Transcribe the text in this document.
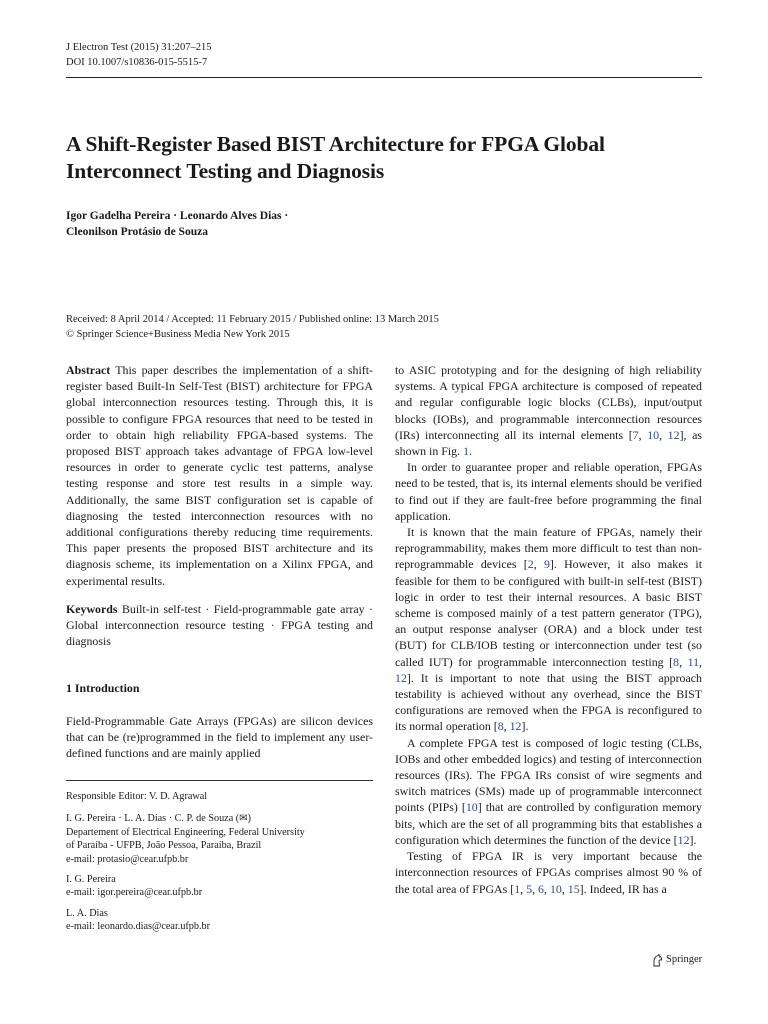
J Electron Test (2015) 31:207–215
DOI 10.1007/s10836-015-5515-7
A Shift-Register Based BIST Architecture for FPGA Global
Interconnect Testing and Diagnosis
Igor Gadelha Pereira · Leonardo Alves Dias ·
Cleonilson Protásio de Souza
Received: 8 April 2014 / Accepted: 11 February 2015 / Published online: 13 March 2015
© Springer Science+Business Media New York 2015

Abstract This paper describes the implementation of a shift-register based Built-In Self-Test (BIST) architecture for FPGA global interconnection resources testing. Through this, it is possible to configure FPGA resources that need to be tested in order to obtain high reliability FPGA-based systems. The proposed BIST approach takes advantage of FPGA low-level resources in order to generate cyclic test patterns, analyse testing response and store test results in a simple way. Additionally, the same BIST configuration set is capable of diagnosing the tested interconnection resources with no additional configurations thereby reducing time requirements. This paper presents the proposed BIST architecture and its diagnosis scheme, its implementation on a Xilinx FPGA, and experimental results.

Keywords Built-in self-test · Field-programmable gate array · Global interconnection resource testing · FPGA testing and diagnosis

1 Introduction

Field-Programmable Gate Arrays (FPGAs) are silicon devices that can be (re)programmed in the field to implement any user-defined functions and are mainly applied

Responsible Editor: V. D. Agrawal
I. G. Pereira · L. A. Dias · C. P. de Souza (✉)
Departement of Electrical Engineering, Federal University
of Paraíba - UFPB, João Pessoa, Paraíba, Brazil
e-mail: protasio@cear.ufpb.br
I. G. Pereira
e-mail: igor.pereira@cear.ufpb.br
L. A. Dias
e-mail: leonardo.dias@cear.ufpb.br

to ASIC prototyping and for the designing of high reliability systems. A typical FPGA architecture is composed of repeated and regular configurable logic blocks (CLBs), input/output blocks (IOBs), and programmable interconnection resources (IRs) interconnecting all its internal elements [7, 10, 12], as shown in Fig. 1.

In order to guarantee proper and reliable operation, FPGAs need to be tested, that is, its internal elements should be verified to find out if they are fault-free before programming the final application.

It is known that the main feature of FPGAs, namely their reprogrammability, makes them more difficult to test than non-reprogrammable devices [2, 9]. However, it also makes it feasible for them to be configured with built-in self-test (BIST) logic in order to test their internal resources. A basic BIST scheme is composed mainly of a test pattern generator (TPG), an output response analyser (ORA) and a block under test (BUT) for CLB/IOB testing or interconnection under test (so called IUT) for programmable interconnection testing [8, 11, 12]. It is important to note that using the BIST approach testability is achieved without any overhead, since the BIST configurations are removed when the FPGA is reconfigured to its normal operation [8, 12].

A complete FPGA test is composed of logic testing (CLBs, IOBs and other embedded logics) and testing of interconnection resources (IRs). The FPGA IRs consist of wire segments and switch matrices (SMs) made up of programmable interconnect points (PIPs) [10] that are controlled by configuration memory bits, which are the set of all programming bits that establishes a configuration which determines the function of the device [12].

Testing of FPGA IR is very important because the interconnection resources of FPGAs comprises almost 90 % of the total area of FPGAs [1, 5, 6, 10, 15]. Indeed, IR has a

Springer
